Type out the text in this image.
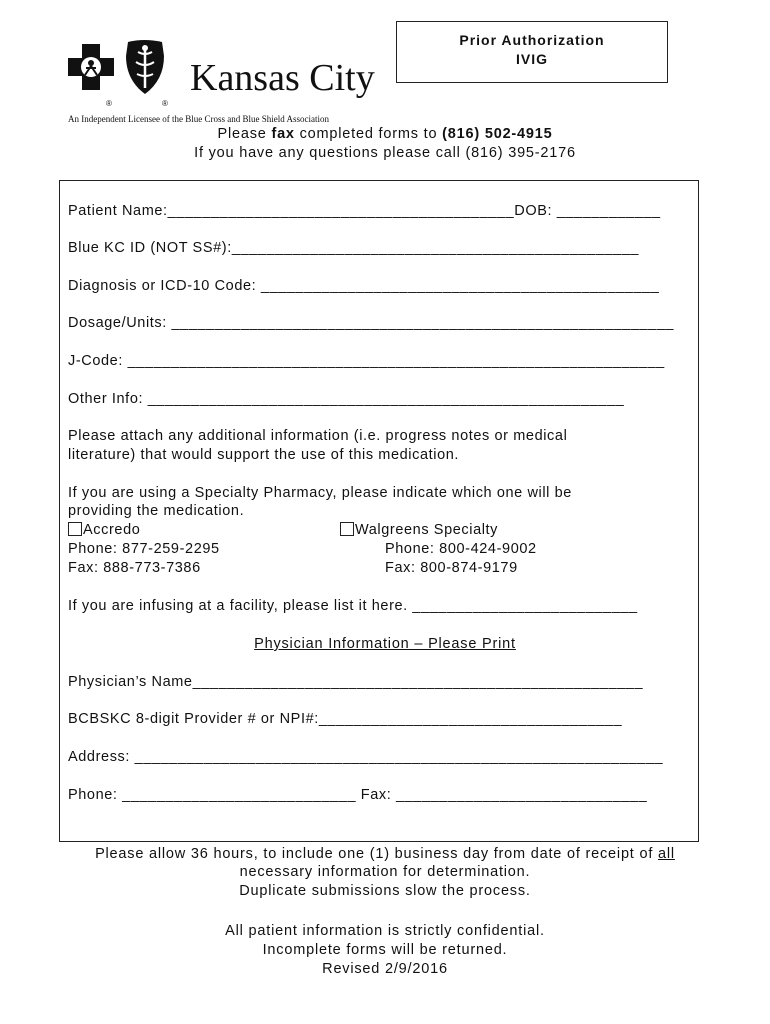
®	®
Kansas City
An Independent Licensee of the Blue Cross and Blue Shield Association
Prior Authorization
IVIG
Please fax completed forms to (816) 502-4915
If you have any questions please call (816) 395-2176
Patient Name:________________________________________DOB: ____________
Blue KC ID (NOT SS#):_______________________________________________
Diagnosis or ICD-10 Code: ______________________________________________
Dosage/Units: __________________________________________________________
J-Code: ______________________________________________________________
Other Info: _______________________________________________________
Please attach any additional information (i.e. progress notes or medical
literature) that would support the use of this medication.
If you are using a Specialty Pharmacy, please indicate which one will be
providing the medication.
Accredo
Phone: 877-259-2295
Fax: 888-773-7386
Walgreens Specialty
Phone: 800-424-9002
Fax: 800-874-9179
If you are infusing at a facility, please list it here. __________________________
Physician Information – Please Print
Physician’s Name____________________________________________________
BCBSKC 8-digit Provider # or NPI#:___________________________________
Address: _____________________________________________________________
Phone: ___________________________ Fax: _____________________________
Please allow 36 hours, to include one (1) business day from date of receipt of all
necessary information for determination.
Duplicate submissions slow the process.
All patient information is strictly confidential.
Incomplete forms will be returned.
Revised 2/9/2016
